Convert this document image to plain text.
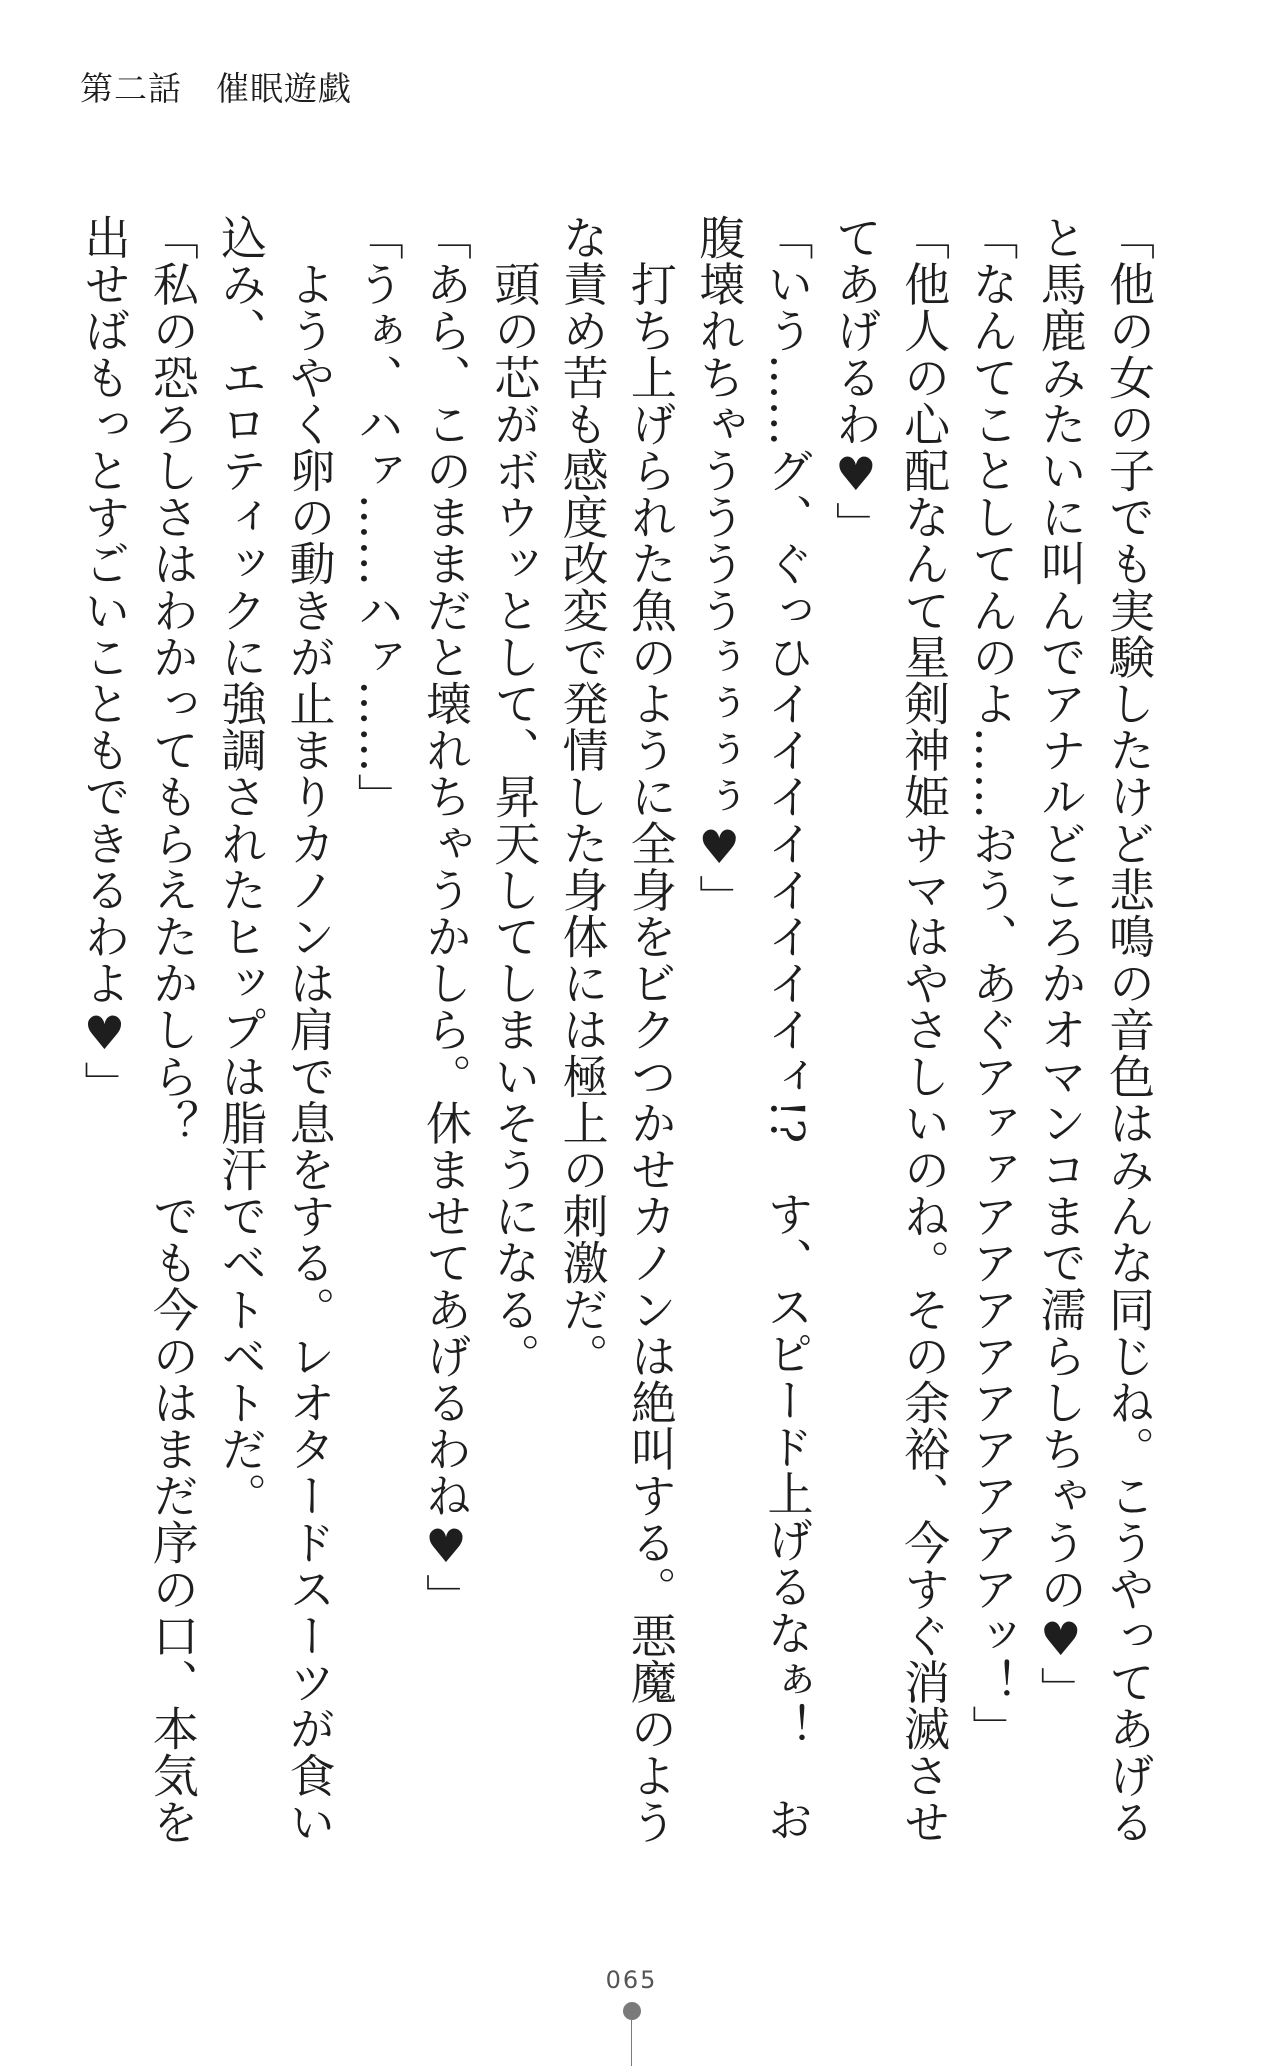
第二話　催眠遊戯

「他の女の子でも実験したけど悲鳴の音色はみんな同じね。こうやってあげると馬鹿みたいに叫んでアナルどころかオマンコまで濡らしちゃうの♥」

「なんてことしてんのよ……おう、あぐアァァアアアアアアアアアッ！」

「他人の心配なんて星剣神姫サマはやさしいのね。その余裕、今すぐ消滅させてあげるわ♥」

「いう……グ、ぐっひイイイイイイイイィ!?　す、スピード上げるなぁ！　お腹壊れちゃううううぅぅぅぅ♥」

　打ち上げられた魚のように全身をビクつかせカノンは絶叫する。悪魔のような責め苦も感度改変で発情した身体には極上の刺激だ。

　頭の芯がボウッとして、昇天してしまいそうになる。

「あら、このままだと壊れちゃうかしら。休ませてあげるわね♥」

「うぁ、ハァ……ハァ……」

　ようやく卵の動きが止まりカノンは肩で息をする。レオタードスーツが食い込み、エロティックに強調されたヒップは脂汗でベトベトだ。

「私の恐ろしさはわかってもらえたかしら？　でも今のはまだ序の口、本気を出せばもっとすごいこともできるわよ♥」

065
